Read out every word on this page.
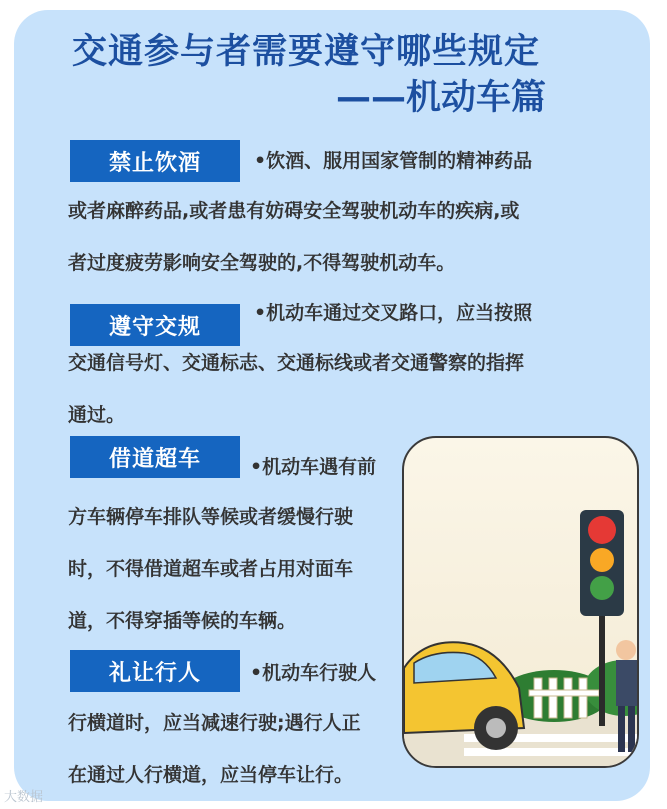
交通参与者需要遵守哪些规定
——机动车篇
禁止饮酒	•饮酒、服用国家管制的精神药品
或者麻醉药品,或者患有妨碍安全驾驶机动车的疾病,或
者过度疲劳影响安全驾驶的,不得驾驶机动车。
遵守交规
•机动车通过交叉路口，应当按照
交通信号灯、交通标志、交通标线或者交通警察的指挥
通过。
借道超车	•机动车遇有前
方车辆停车排队等候或者缓慢行驶
时，不得借道超车或者占用对面车
道，不得穿插等候的车辆。
礼让行人	•机动车行驶人
行横道时，应当减速行驶;遇行人正
在通过人行横道，应当停车让行。
大数据
